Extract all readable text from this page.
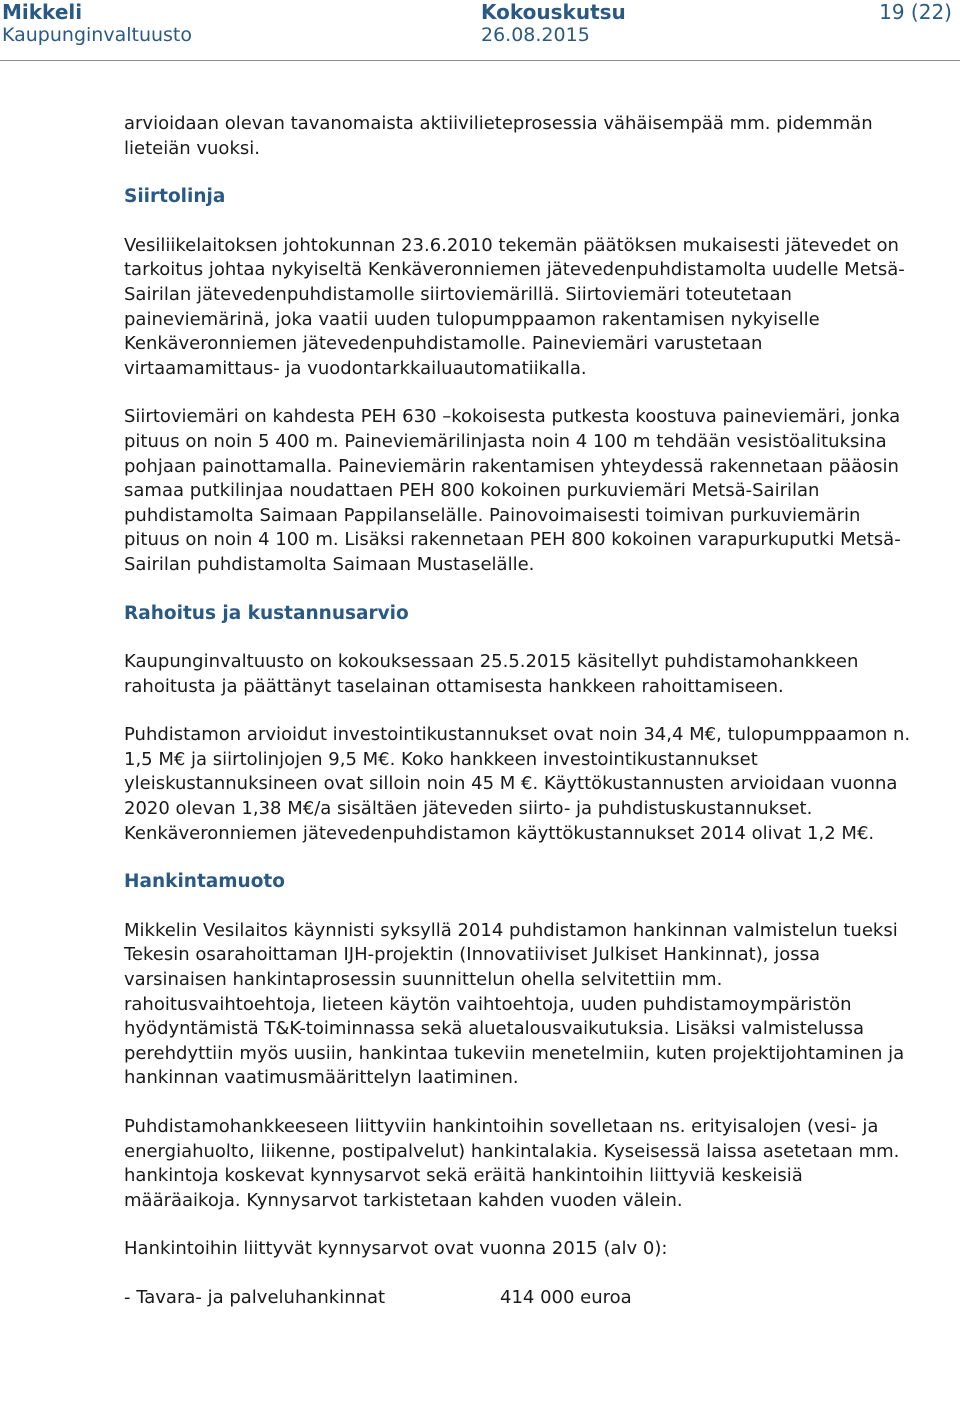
Mikkeli
Kaupunginvaltuusto
Kokouskutsu
26.08.2015
19 (22)

arvioidaan olevan tavanomaista aktiivilieteprosessia vähäisempää mm. pidemmän lieteiän vuoksi.

Siirtolinja

Vesiliikelaitoksen johtokunnan 23.6.2010 tekemän päätöksen mukaisesti jätevedet on tarkoitus johtaa nykyiseltä Kenkäveronniemen jätevedenpuhdistamolta uudelle Metsä-Sairilan jätevedenpuhdistamolle siirtoviemärillä. Siirtoviemäri toteutetaan paineviemärinä, joka vaatii uuden tulopumppaamon rakentamisen nykyiselle Kenkäveronniemen jätevedenpuhdistamolle. Paineviemäri varustetaan virtaamamittaus- ja vuodontarkkailuautomatiikalla.

Siirtoviemäri on kahdesta PEH 630 –kokoisesta putkesta koostuva paineviemäri, jonka pituus on noin 5 400 m. Paineviemärilinjasta noin 4 100 m tehdään vesistöalituksina pohjaan painottamalla. Paineviemärin rakentamisen yhteydessä rakennetaan pääosin samaa putkilinjaa noudattaen PEH 800 kokoinen purkuviemäri Metsä-Sairilan puhdistamolta Saimaan Pappilanselälle. Painovoimaisesti toimivan purkuviemärin pituus on noin 4 100 m. Lisäksi rakennetaan PEH 800 kokoinen varapurkuputki Metsä-Sairilan puhdistamolta Saimaan Mustaselälle.

Rahoitus ja kustannusarvio

Kaupunginvaltuusto on kokouksessaan 25.5.2015 käsitellyt puhdistamohankkeen rahoitusta ja päättänyt taselainan ottamisesta hankkeen rahoittamiseen.

Puhdistamon arvioidut investointikustannukset ovat noin 34,4 M€, tulopumppaamon n. 1,5 M€ ja siirtolinjojen 9,5 M€. Koko hankkeen investointikustannukset yleiskustannuksineen ovat silloin noin 45 M €. Käyttökustannusten arvioidaan vuonna 2020 olevan 1,38 M€/a sisältäen jäteveden siirto- ja puhdistuskustannukset. Kenkäveronniemen jätevedenpuhdistamon käyttökustannukset 2014 olivat 1,2 M€.

Hankintamuoto

Mikkelin Vesilaitos käynnisti syksyllä 2014 puhdistamon hankinnan valmistelun tueksi Tekesin osarahoittaman IJH-projektin (Innovatiiviset Julkiset Hankinnat), jossa varsinaisen hankintaprosessin suunnittelun ohella selvitettiin mm. rahoitusvaihtoehtoja, lieteen käytön vaihtoehtoja, uuden puhdistamoympäristön hyödyntämistä T&K-toiminnassa sekä aluetalousvaikutuksia. Lisäksi valmistelussa perehdyttiin myös uusiin, hankintaa tukeviin menetelmiin, kuten projektijohtaminen ja hankinnan vaatimusmäärittelyn laatiminen.

Puhdistamohankkeeseen liittyviin hankintoihin sovelletaan ns. erityisalojen (vesi- ja energiahuolto, liikenne, postipalvelut) hankintalakia. Kyseisessä laissa asetetaan mm. hankintoja koskevat kynnysarvot sekä eräitä hankintoihin liittyviä keskeisiä määräaikoja. Kynnysarvot tarkistetaan kahden vuoden välein.

Hankintoihin liittyvät kynnysarvot ovat vuonna 2015 (alv 0):

- Tavara- ja palveluhankinnat	414 000 euroa
